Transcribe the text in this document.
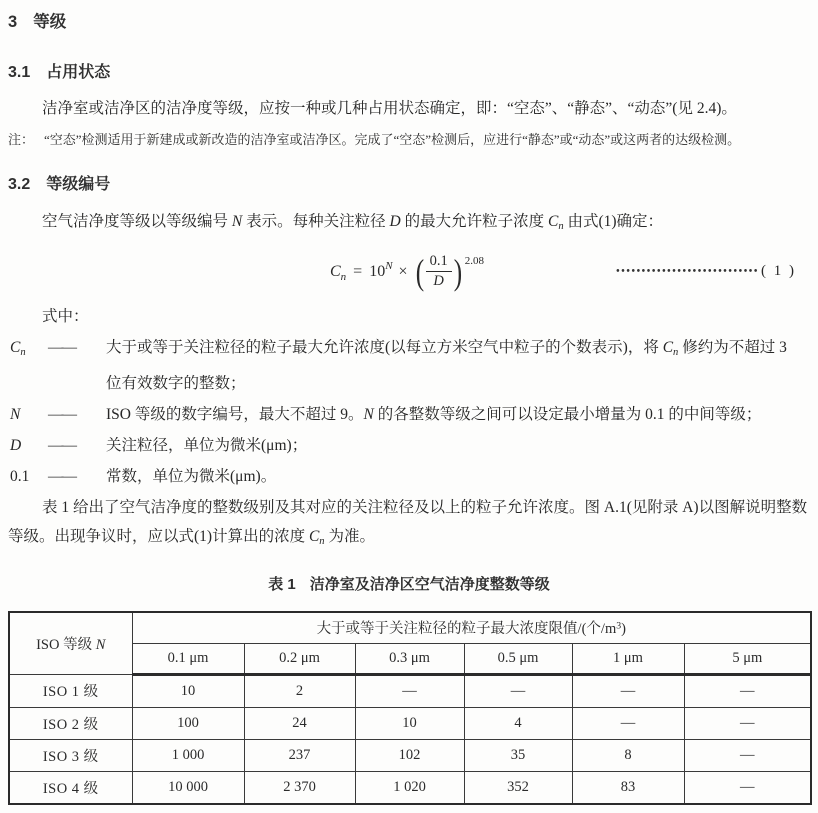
3 等级
3.1 占用状态

洁净室或洁净区的洁净度等级，应按一种或几种占用状态确定，即：“空态”、“静态”、“动态”(见 2.4)。

注： “空态”检测适用于新建成或新改造的洁净室或洁净区。完成了“空态”检测后，应进行“静态”或“动态”或这两者的达级检测。

3.2 等级编号

空气洁净度等级以等级编号 N 表示。每种关注粒径 D 的最大允许粒子浓度 Cn 由式(1)确定：

C n = 10 N × ( $\frac{0.1}{D}$ ) 2.08
•••••••••••••••••••••••••••• ( 1 )

式中：

Cn	——	大于或等于关注粒径的粒子最大允许浓度(以每立方米空气中粒子的个数表示)，将 Cn 修约为不超过 3 位有效数字的整数；
N	——	ISO 等级的数字编号，最大不超过 9。N 的各整数等级之间可以设定最小增量为 0.1 的中间等级；
D	——	关注粒径，单位为微米(μm)；
0.1	——	常数，单位为微米(μm)。

表 1 给出了空气洁净度的整数级别及其对应的关注粒径及以上的粒子允许浓度。图 A.1(见附录 A)以图解说明整数等级。出现争议时，应以式(1)计算出的浓度 Cn 为准。

表 1 洁净室及洁净区空气洁净度整数等级
ISO 等级 N	大于或等于关注粒径的粒子最大浓度限值/(个$/m^3$)					
	0.1 μm	0.2 μm	0.3 μm	0.5 μm	1 μm	5 μm
ISO 1 级	10	2	—	—	—	—
ISO 2 级	100	24	10	4	—	—
ISO 3 级	1 000	237	102	35	8	—
ISO 4 级	10 000	2 370	1 020	352	83	—
